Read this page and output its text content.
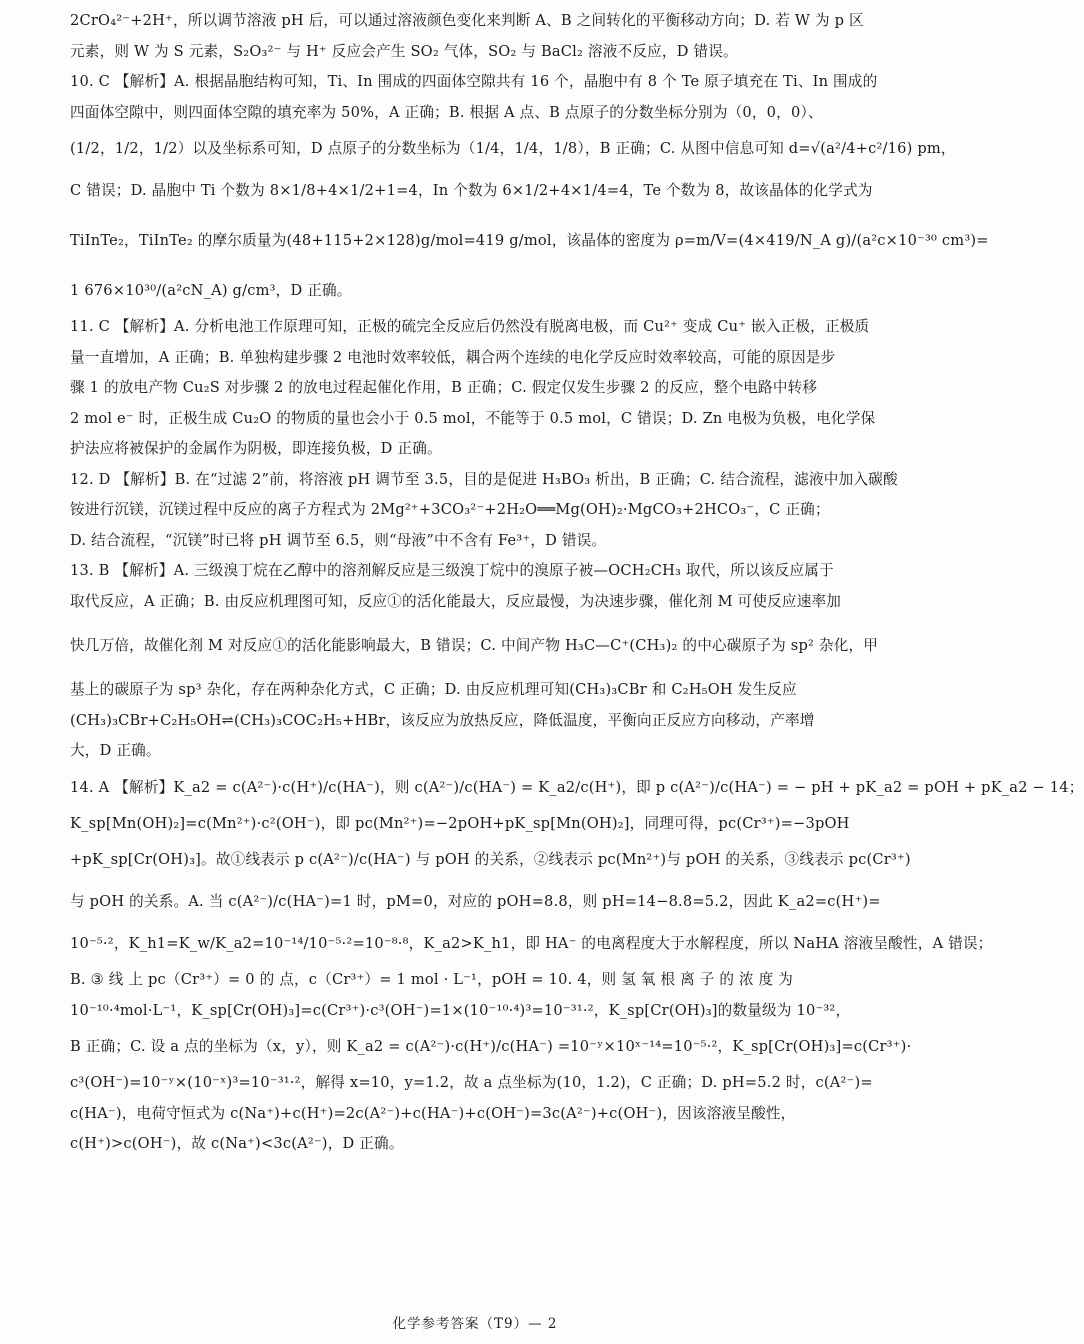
2CrO₄²⁻+2H⁺，所以调节溶液 pH 后，可以通过溶液颜色变化来判断 A、B 之间转化的平衡移动方向；D. 若 W 为 p 区
元素，则 W 为 S 元素，S₂O₃²⁻ 与 H⁺ 反应会产生 SO₂ 气体，SO₂ 与 BaCl₂ 溶液不反应，D 错误。
10. C 【解析】A. 根据晶胞结构可知，Ti、In 围成的四面体空隙共有 16 个，晶胞中有 8 个 Te 原子填充在 Ti、In 围成的
四面体空隙中，则四面体空隙的填充率为 50%，A 正确；B. 根据 A 点、B 点原子的分数坐标分别为（0，0，0）、
(1/2，1/2，1/2）以及坐标系可知，D 点原子的分数坐标为（1/4，1/4，1/8），B 正确；C. 从图中信息可知 d=√(a²/4+c²/16) pm，
C 错误；D. 晶胞中 Ti 个数为 8×1/8+4×1/2+1=4，In 个数为 6×1/2+4×1/4=4，Te 个数为 8，故该晶体的化学式为
TiInTe₂，TiInTe₂ 的摩尔质量为(48+115+2×128)g/mol=419 g/mol，该晶体的密度为 ρ=m/V=(4×419/N_A g)/(a²c×10⁻³⁰ cm³)=
1 676×10³⁰/(a²cN_A) g/cm³，D 正确。
11. C 【解析】A. 分析电池工作原理可知，正极的硫完全反应后仍然没有脱离电极，而 Cu²⁺ 变成 Cu⁺ 嵌入正极，正极质
量一直增加，A 正确；B. 单独构建步骤 2 电池时效率较低，耦合两个连续的电化学反应时效率较高，可能的原因是步
骤 1 的放电产物 Cu₂S 对步骤 2 的放电过程起催化作用，B 正确；C. 假定仅发生步骤 2 的反应，整个电路中转移
2 mol e⁻ 时，正极生成 Cu₂O 的物质的量也会小于 0.5 mol，不能等于 0.5 mol，C 错误；D. Zn 电极为负极，电化学保
护法应将被保护的金属作为阴极，即连接负极，D 正确。
12. D 【解析】B. 在“过滤 2”前，将溶液 pH 调节至 3.5，目的是促进 H₃BO₃ 析出，B 正确；C. 结合流程，滤液中加入碳酸
铵进行沉镁，沉镁过程中反应的离子方程式为 2Mg²⁺+3CO₃²⁻+2H₂O══Mg(OH)₂·MgCO₃+2HCO₃⁻，C 正确；
D. 结合流程，“沉镁”时已将 pH 调节至 6.5，则“母液”中不含有 Fe³⁺，D 错误。
13. B 【解析】A. 三级溴丁烷在乙醇中的溶剂解反应是三级溴丁烷中的溴原子被—OCH₂CH₃ 取代，所以该反应属于
取代反应，A 正确；B. 由反应机理图可知，反应①的活化能最大，反应最慢，为决速步骤，催化剂 M 可使反应速率加
快几万倍，故催化剂 M 对反应①的活化能影响最大，B 错误；C. 中间产物 H₃C—C⁺(CH₃)₂ 的中心碳原子为 sp² 杂化，甲
基上的碳原子为 sp³ 杂化，存在两种杂化方式，C 正确；D. 由反应机理可知(CH₃)₃CBr 和 C₂H₅OH 发生反应
(CH₃)₃CBr+C₂H₅OH⇌(CH₃)₃COC₂H₅+HBr，该反应为放热反应，降低温度，平衡向正反应方向移动，产率增
大，D 正确。
14. A 【解析】K_a2 = c(A²⁻)·c(H⁺)/c(HA⁻)，则 c(A²⁻)/c(HA⁻) = K_a2/c(H⁺)，即 p c(A²⁻)/c(HA⁻) = − pH + pK_a2 = pOH + pK_a2 − 14；
K_sp[Mn(OH)₂]=c(Mn²⁺)·c²(OH⁻)，即 pc(Mn²⁺)=−2pOH+pK_sp[Mn(OH)₂]，同理可得，pc(Cr³⁺)=−3pOH
+pK_sp[Cr(OH)₃]。故①线表示 p c(A²⁻)/c(HA⁻) 与 pOH 的关系，②线表示 pc(Mn²⁺)与 pOH 的关系，③线表示 pc(Cr³⁺)
与 pOH 的关系。A. 当 c(A²⁻)/c(HA⁻)=1 时，pM=0，对应的 pOH=8.8，则 pH=14−8.8=5.2，因此 K_a2=c(H⁺)=
10⁻⁵·²，K_h1=K_w/K_a2=10⁻¹⁴/10⁻⁵·²=10⁻⁸·⁸，K_a2>K_h1，即 HA⁻ 的电离程度大于水解程度，所以 NaHA 溶液呈酸性，A 错误；
B. ③ 线 上 pc（Cr³⁺）= 0 的 点，c（Cr³⁺）= 1 mol · L⁻¹，pOH = 10. 4，则 氢 氧 根 离 子 的 浓 度 为
10⁻¹⁰·⁴mol·L⁻¹，K_sp[Cr(OH)₃]=c(Cr³⁺)·c³(OH⁻)=1×(10⁻¹⁰·⁴)³=10⁻³¹·²，K_sp[Cr(OH)₃]的数量级为 10⁻³²，
B 正确；C. 设 a 点的坐标为（x，y），则 K_a2 = c(A²⁻)·c(H⁺)/c(HA⁻) =10⁻ʸ×10ˣ⁻¹⁴=10⁻⁵·²，K_sp[Cr(OH)₃]=c(Cr³⁺)·
c³(OH⁻)=10⁻ʸ×(10⁻ˣ)³=10⁻³¹·²，解得 x=10，y=1.2，故 a 点坐标为(10，1.2)，C 正确；D. pH=5.2 时，c(A²⁻)=
c(HA⁻)，电荷守恒式为 c(Na⁺)+c(H⁺)=2c(A²⁻)+c(HA⁻)+c(OH⁻)=3c(A²⁻)+c(OH⁻)，因该溶液呈酸性，
c(H⁺)>c(OH⁻)，故 c(Na⁺)<3c(A²⁻)，D 正确。
化学参考答案（T9）— 2
